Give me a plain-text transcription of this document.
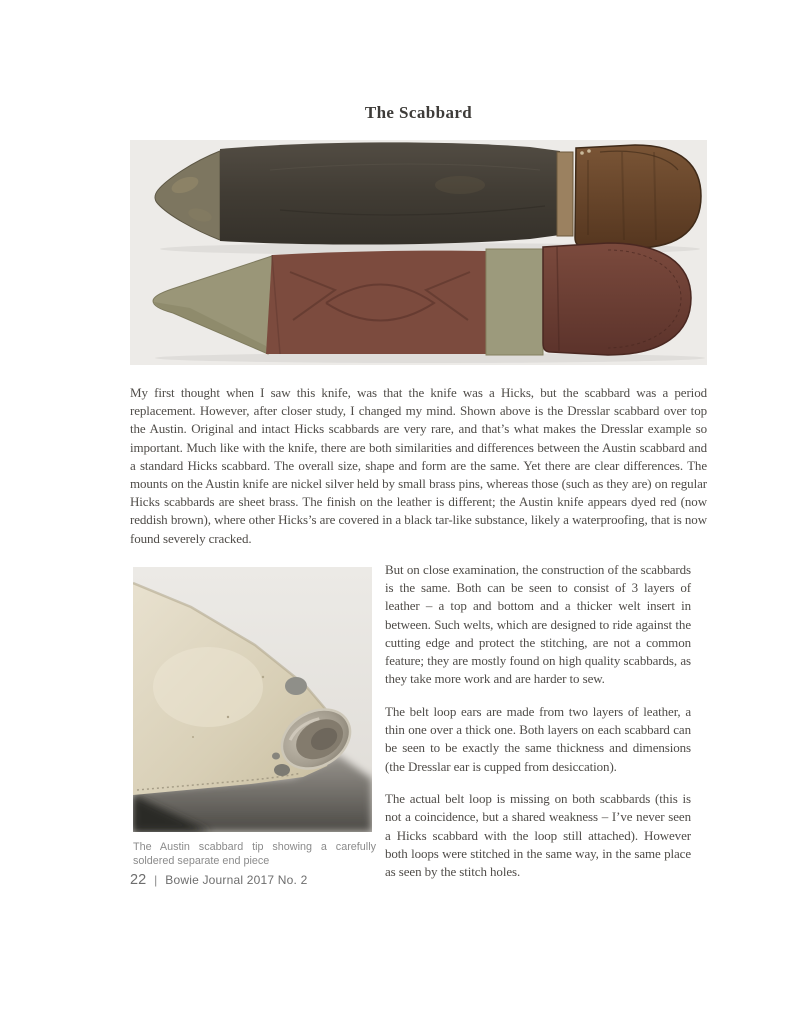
The Scabbard
My first thought when I saw this knife, was that the knife was a Hicks, but the scabbard was a period replacement. However, after closer study, I changed my mind. Shown above is the Dresslar scabbard over top the Austin. Original and intact Hicks scabbards are very rare, and that’s what makes the Dresslar example so important. Much like with the knife, there are both similarities and differences between the Austin scabbard and a standard Hicks scabbard. The overall size, shape and form are the same. Yet there are clear differences. The mounts on the Austin knife are nickel silver held by small brass pins, whereas those (such as they are) on regular Hicks scabbards are sheet brass. The finish on the leather is different; the Austin knife appears dyed red (now reddish brown), where other Hicks’s are covered in a black tar-like substance, likely a waterproofing, that is now found severely cracked.
The Austin scabbard tip showing a carefully soldered separate end piece

But on close examination, the construction of the scabbards is the same. Both can be seen to consist of 3 layers of leather – a top and bottom and a thicker welt insert in between. Such welts, which are designed to ride against the cutting edge and protect the stitching, are not a common feature; they are mostly found on high quality scabbards, as they take more work and are harder to sew.

The belt loop ears are made from two layers of leather, a thin one over a thick one. Both layers on each scabbard can be seen to be exactly the same thickness and dimensions (the Dresslar ear is cupped from desiccation).

The actual belt loop is missing on both scabbards (this is not a coincidence, but a shared weakness – I’ve never seen a Hicks scabbard with the loop still attached). However both loops were stitched in the same way, in the same place as seen by the stitch holes.

22 | Bowie Journal 2017 No. 2
